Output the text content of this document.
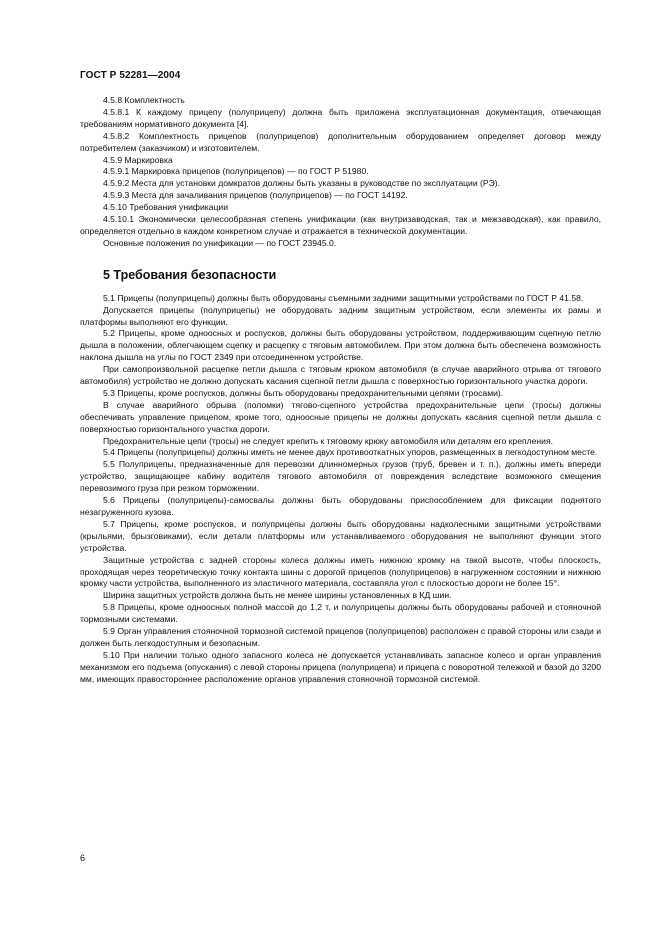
ГОСТ Р 52281—2004

4.5.8 Комплектность

4.5.8.1 К каждому прицепу (полуприцепу) должна быть приложена эксплуатационная документация, отвечающая требованиям нормативного документа [4].

4.5.8.2 Комплектность прицепов (полуприцепов) дополнительным оборудованием определяет договор между потребителем (заказчиком) и изготовителем.

4.5.9 Маркировка

4.5.9.1 Маркировка прицепов (полуприцепов) — по ГОСТ Р 51980.

4.5.9.2 Места для установки домкратов должны быть указаны в руководстве по эксплуатации (РЭ).

4.5.9.3 Места для зачаливания прицепов (полуприцепов) — по ГОСТ 14192.

4.5.10 Требования унификации

4.5.10.1 Экономически целесообразная степень унификации (как внутризаводская, так и межзаводская), как правило, определяется отдельно в каждом конкретном случае и отражается в технической документации.

Основные положения по унификации — по ГОСТ 23945.0.

5 Требования безопасности

5.1 Прицепы (полуприцепы) должны быть оборудованы съемными задними защитными устройствами по ГОСТ Р 41.58.

Допускается прицепы (полуприцепы) не оборудовать задним защитным устройством, если элементы их рамы и платформы выполняют его функции.

5.2 Прицепы, кроме одноосных и роспусков, должны быть оборудованы устройством, поддерживающим сцепную петлю дышла в положении, облегчающем сцепку и расцепку с тяговым автомобилем. При этом должна быть обеспечена возможность наклона дышла на углы по ГОСТ 2349 при отсоединенном устройстве.

При самопроизвольной расцепке петли дышла с тяговым крюком автомобиля (в случае аварийного отрыва от тягового автомобиля) устройство не должно допускать касания сцепной петли дышла с поверхностью горизонтального участка дороги.

5.3 Прицепы, кроме роспусков, должны быть оборудованы предохранительными цепями (тросами).

В случае аварийного обрыва (поломки) тягово-сцепного устройства предохранительные цепи (тросы) должны обеспечивать управление прицепом, кроме того, одноосные прицепы не должны допускать касания сцепной петли дышла с поверхностью горизонтального участка дороги.

Предохранительные цепи (тросы) не следует крепить к тяговому крюку автомобиля или деталям его крепления.

5.4 Прицепы (полуприцепы) должны иметь не менее двух противооткатных упоров, размещенных в легкодоступном месте.

5.5 Полуприцепы, предназначенные для перевозки длинномерных грузов (труб, бревен и т. п.), должны иметь впереди устройство, защищающее кабину водителя тягового автомобиля от повреждения вследствие возможного смещения перевозимого груза при резком торможении.

5.6 Прицепы (полуприцепы)-самосвалы должны быть оборудованы приспособлением для фиксации поднятого незагруженного кузова.

5.7 Прицепы, кроме роспусков, и полуприцепы должны быть оборудованы надколесными защитными устройствами (крыльями, брызговиками), если детали платформы или устанавливаемого оборудования не выполняют функции этого устройства.

Защитные устройства с задней стороны колеса должны иметь нижнюю кромку на такой высоте, чтобы плоскость, проходящая через теоретическую точку контакта шины с дорогой прицепов (полуприцепов) в нагруженном состоянии и нижнюю кромку части устройства, выполненного из эластичного материала, составляла угол с плоскостью дороги не более 15°.

Ширина защитных устройств должна быть не менее ширины установленных в КД шин.

5.8 Прицепы, кроме одноосных полной массой до 1,2 т, и полуприцепы должны быть оборудованы рабочей и стояночной тормозными системами.

5.9 Орган управления стояночной тормозной системой прицепов (полуприцепов) расположен с правой стороны или сзади и должен быть легкодоступным и безопасным.

5.10 При наличии только одного запасного колеса не допускается устанавливать запасное колесо и орган управления механизмом его подъема (опускания) с левой стороны прицепа (полуприцепа) и прицепа с поворотной тележкой и базой до 3200 мм, имеющих правостороннее расположение органов управления стояночной тормозной системой.

6
